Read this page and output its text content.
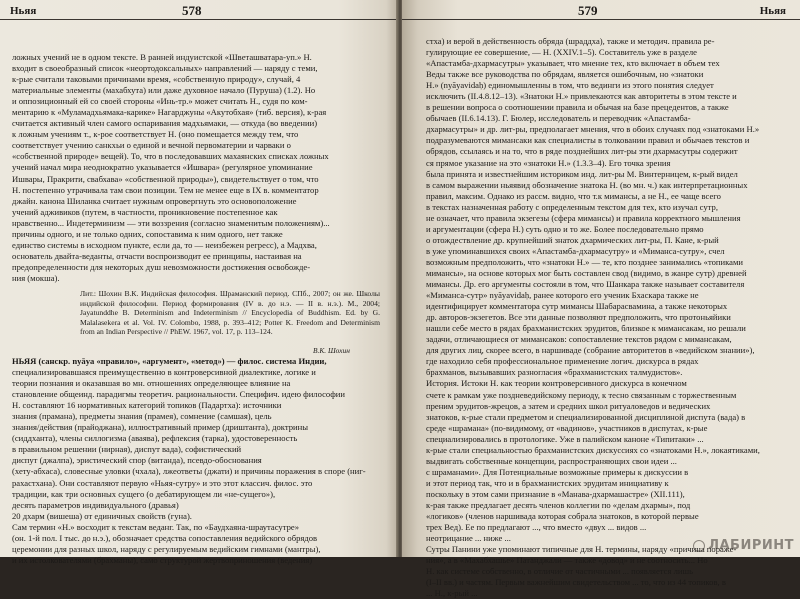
Ньяя	578
ложных учений не в одном тексте. В ранней индуистской «Шветашватара-уп.» Н.
входит в своеобразный список «неортодоксальных» направлений — наряду с теми,
к-рые считали таковыми причинами время, «собственную природу», случай, 4
материальные элементы (махабхута) или даже духовное начало (Пуруша) (1.2). Но
и оппозиционный ей со своей стороны «Инь-тр.» может считать Н., судя по ком-
ментарию к «Муламадхьямака-карике» Нагарджуны «Акутобхая» (тиб. версия), к-рая
считается активный член самого оспаривания мадхьямаки, — откуда (во введении)
к ложным учениям т., к-рое соответствует Н. (оно помещается между тем, что
соответствует учению санкхьи о единой и вечной первоматерии и чарваки о
«собственной природе» вещей). То, что в последовавших махаянских списках ложных
учений начал мира неоднократно указывается «Ишвара» (регулярное упоминание
Ишвары, Пракрити, свабхава» «собственной природы»), свидетельствует о том, что
Н. постепенно утрачивала там свои позиции. Тем не менее еще в IX в. комментатор
джайн. канона Шиланка считает нужным опровергнуть это основоположение
учений адживиков (путем, в частности, проникновение постепенное как
нравственно... Индетерминизм — эти воззрения (согласно знаменитым положениям)...
причины одного, и не только одних, сопоставима к ним одного, нет также
единство системы в исходном пункте, если да, то — неизбежен регресс), а Мадхва,
основатель двайта-веданты, отчасти воспроизводит ее принципы, настаивая на
предопределенности для некоторых душ невозможности достижения освобожде-
ния (мокша).
Лит.: Шохин В.К. Индийская философия. Шраманский период. СПб., 2007; он же. Школы индийской философии. Период формирования (IV в. до н.э. — II в. н.э.). М., 2004; Jayatunddhe B. Determinism and Indeterminism // Encyclopedia of Buddhism. Ed. by G. Malalasekera et al. Vol. IV. Colombo, 1988, p. 393–412; Potter K. Freedom and Determinism from an Indian Perspective // PhEW. 1967, vol. 17, p. 113–124.
В.К. Шохин
НЬЯЯ (санскр. nyāya «правило», «аргумент», «метод») — филос. система Индии,
специализировавшаяся преимущественно в контроверсивной диалектике, логике и
теории познания и оказавшая во мн. отношениях определяющее влияние на
становление общеинд. парадигмы теоретич. рациональности. Специфич. идею философии
Н. составляют 16 нормативных категорий топиков (Падартха): источники
знания (прамана), предметы знания (прамея), сомнение (самшая), цель
знания/действия (прайоджана), иллюстративный пример (дриштанта), доктрины
(сиддханта), члены силлогизма (аваява), рефлексия (тарка), удостоверенность
в правильном решении (нирная), диспут вада), софистический
диспут (джалпа), эристический спор (витанда), псевдо-обоснования
(хету-абхаса), словесные уловки (чхала), лжеответы (джати) и причины поражения в споре (ниг-
рахастхана). Они составляют первую «Ньяя-сутру» и это этот классич. филос. это
традиции, как три основных сущего (о дебатирующем ли «не-сущего»),
десять параметров индивидуального (дравья)
20 дхарм (вишеша) от единичных свойств (гуна).
Сам термин «Н.» восходит к текстам веданг. Так, по «Баудхаяна-шраутасутре»
(он. 1-й пол. I тыс. до н.э.), обозначает средства сопоставления ведийского обрядов
церемонии для разных школ, наряду с регулируемым ведийским гимнами (мантры),
и их истолкователями (брахманы), само структурой жертвоприношения (ведения)
579	Ньяя
стха) и верой в действенность обряда (шраддха), также и методич. правила ре-
гулирующие ее совершение, — Н. (XXIV.1–5). Составитель уже в разделе
«Апастамба-дхармасутры» указывает, что мнение тех, кто включает в объем тех
Веды также все руководства по обрядам, является ошибочным, но «знатоки
Н.» (nyāyavidaḥ) единомышленны в том, что вединги из этого понятия следует
исключить (II.4.8.12–13). «Знатоки Н.» привлекаются как авторитеты в этом тексте и
в решении вопроса о соотношении правила и обычая на базе прецедентов, а также
обычаев (II.6.14.13). Г. Бюлер, исследователь и переводчик «Апастамба-
дхармасутры» и др. лит-ры, предполагает мнения, что в обоих случаях под «знатоками Н.»
подразумеваются мимансаки как специалисты в толковании правил и обычаев текстов и
обрядов, ссылаясь и на то, что в ряде позднейших лит-ры эти дхармасутры содержит
ся прямое указание на это «знатоки Н.» (1.3.3–4). Его точка зрения
была принята и известнейшим историком инд. лит-ры М. Винтерницем, к-рый видел
в самом выражении ньяявид обозначение знатока Н. (во мн. ч.) как интерпретационных
правил, максим. Однако из рассм. видно, что т.к мимансы, а не Н., ее чаще всего
в текстах назначенная работу с определенным текстом для тех, кто изучал сутр,
не означает, что правила экзегезы (сфера мимансы) и правила корректного мышления
и аргументации (сфера Н.) суть одно и то же. Более последовательно прямо
о отождествление др. крупнейший знаток дхармических лит-ры, П. Кане, к-рый
в уже упоминавшихся своих «Апастамба-дхармасутру» и «Миманса-сутру», счел
возможным предположить, что «знатоки Н.» — те, кто позднее занимались «топиками
мимансы», на основе которых мог быть составлен свод (видимо, в жанре сутр) древней
мимансы. Др. его аргументы состояли в том, что Шанкара также называет составителя
«Миманса-сутр» nyāyavidaḥ, ранее которого его ученик Бхаскара также не
идентифицирует комментатора сутр мимансы Шабарасвамина, а также некоторых
др. авторов-экзегетов. Все эти данные позволяют предположить, что протоньяйики
нашли себе место в рядах брахманистских эрудитов, близкое к мимансакам, но решали
задачи, отличающиеся от мимансаков: сопоставление текстов рядом с мимансакам,
для других лиц, скорее всего, в наршиваде (собрание авторитетов в «ведийском знании»),
где находило себя профессиональное применение логич. дискурса в рядах
брахманов, вызывавших разногласия «брахманистских талмудистов».
История. Истоки Н. как теории контроверсивного дискурса в конечном
счете к рамкам уже поздневедийскому периоду, к тесно связанным с торжественным
преним эрудитов-жрецов, а затем и средних школ ритуаловедов и ведических
знатоков, к-рые стали предметом и специализированной дисциплиной диспута (вада) в
среде «шрамана» (по-видимому, от «вадинов», участников в диспутах, к-рые
специализировались в протологике. Уже в палийском каноне «Типитаки» ...
к-рые стали специальностью брахманистских дискуссиях со «знатоками Н.», локаятиками,
выдвигать собственные концепции, распространяющих свои идеи ...
с шраманами». Для Потенциальные возможные примеры к дискуссии в
и этот период так, что и в брахманистских эрудитам инициативу к
поскольку в этом сами признание в «Манава-дхармашастре» (XII.111),
к-рая также предлагает десять членов коллегии по «делам дхармы», под
«логиков» (членов наршивада которая собрала знатоков, в которой первые
трех Вед). Ее по предлагают ..., что вместо «двух ... видов ...
неотрицание ... ниже ...
Сутры Панини уже упоминают типичные для Н. термины, наряду «причина пораже-
ния», а в «Махабхашье» Патанджали — также «довод» и не соотносить... Но
Н. как системе собственно, в отличие от частичными ... появляется лишь
(I–II вв.) и частям. Первым важнейшим свидетельством ... то, что из 44 топиков, в
... Н., к-рый ...
ЛАБИРИНТ
